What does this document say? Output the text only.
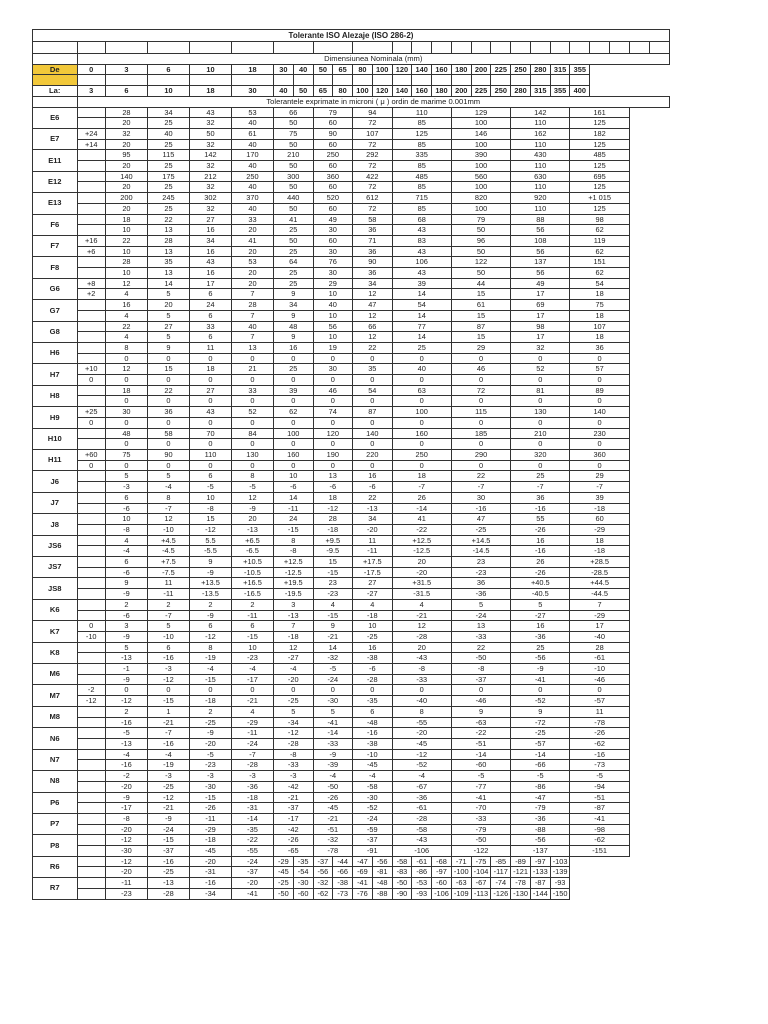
Tolerante ISO Alezaje (ISO 286-2)																									

	Dimensiunea Nominala (mm)																								
De	0	3	6	10	18	30	40	50	65	80	100	120	140	160	180	200	225	250	280	315	355				

La:	3	6	10	18	30	40	50	65	80	100	120	140	160	180	200	225	250	280	315	355	400				
	Tolerantele exprimate in microni ( μ ) ordin de marime 0.001mm																								
E6		28	34	43	53	66		79		94		110			129			142			161				
		20	25	32	40	50		60		72		85			100			110			125				
E7	+24	32	40	50	61	75		90		107		125			146			162			182				
	+14	20	25	32	40	50		60		72		85			100			110			125				
E11		95	115	142	170	210		250		292		335			390			430			485				
		20	25	32	40	50		60		72		85			100			110			125				
E12		140	175	212	250	300		360		422		485			560			630			695				
		20	25	32	40	50		60		72		85			100			110			125				
E13		200	245	302	370	440		520		612		715			820			920			+1 015				
		20	25	32	40	50		60		72		85			100			110			125				
F6		18	22	27	33	41		49		58		68			79			88			98				
		10	13	16	20	25		30		36		43			50			56			62				
F7	+16	22	28	34	41	50		60		71		83			96			108			119				
	+6	10	13	16	20	25		30		36		43			50			56			62				
F8		28	35	43	53	64		76		90		106			122			137			151				
		10	13	16	20	25		30		36		43			50			56			62				
G6	+8	12	14	17	20	25		29		34		39			44			49			54				
	+2	4	5	6	7	9		10		12		14			15			17			18				
G7		16	20	24	28	34		40		47		54			61			69			75				
		4	5	6	7	9		10		12		14			15			17			18				
G8		22	27	33	40	48		56		66		77			87			98			107				
		4	5	6	7	9		10		12		14			15			17			18				
H6		8	9	11	13	16		19		22		25			29			32			36				
		0	0	0	0	0		0		0		0			0			0			0				
H7	+10	12	15	18	21	25		30		35		40			46			52			57				
	0	0	0	0	0	0		0		0		0			0			0			0				
H8		18	22	27	33	39		46		54		63			72			81			89				
		0	0	0	0	0		0		0		0			0			0			0				
H9	+25	30	36	43	52	62		74		87		100			115			130			140				
	0	0	0	0	0	0		0		0		0			0			0			0				
H10		48	58	70	84	100		120		140		160			185			210			230				
		0	0	0	0	0		0		0		0			0			0			0				
H11	+60	75	90	110	130	160		190		220		250			290			320			360				
	0	0	0	0	0	0		0		0		0			0			0			0				
J6		5	5	6	8	10		13		16		18			22			25			29				
		-3	-4	-5	-5	-6		-6		-6		-7			-7			-7			-7				
J7		6	8	10	12	14		18		22		26			30			36			39				
		-6	-7	-8	-9	-11		-12		-13		-14			-16			-16			-18				
J8		10	12	15	20	24		28		34		41			47			55			60				
		-8	-10	-12	-13	-15		-18		-20		-22			-25			-26			-29				
JS6		4	+4.5	5.5	+6.5	8		+9.5		11		+12.5			+14.5			16			18				
		-4	-4.5	-5.5	-6.5	-8		-9.5		-11		-12.5			-14.5			-16			-18				
JS7		6	+7.5	9	+10.5	+12.5		15		+17.5		20			23			26			+28.5				
		-6	-7.5	-9	-10.5	-12.5		-15		-17.5		-20			-23			-26			-28.5				
JS8		9	11	+13.5	+16.5	+19.5		23		27		+31.5			36			+40.5			+44.5				
		-9	-11	-13.5	-16.5	-19.5		-23		-27		-31.5			-36			-40.5			-44.5				
K6		2	2	2	2	3		4		4		4			5			5			7				
		-6	-7	-9	-11	-13		-15		-18		-21			-24			-27			-29				
K7	0	3	5	6	6	7		9		10		12			13			16			17				
	-10	-9	-10	-12	-15	-18		-21		-25		-28			-33			-36			-40				
K8		5	6	8	10	12		14		16		20			22			25			28				
		-13	-16	-19	-23	-27		-32		-38		-43			-50			-56			-61				
M6		-1	-3	-4	-4	-4		-5		-6		-8			-8			-9			-10				
		-9	-12	-15	-17	-20		-24		-28		-33			-37			-41			-46				
M7	-2	0	0	0	0	0		0		0		0			0			0			0				
	-12	-12	-15	-18	-21	-25		-30		-35		-40			-46			-52			-57				
M8		2	1	2	4	5		5		6		8			9			9			11				
		-16	-21	-25	-29	-34		-41		-48		-55			-63			-72			-78				
N6		-5	-7	-9	-11	-12		-14		-16		-20			-22			-25			-26				
		-13	-16	-20	-24	-28		-33		-38		-45			-51			-57			-62				
N7		-4	-4	-5	-7	-8		-9		-10		-12			-14			-14			-16				
		-16	-19	-23	-28	-33		-39		-45		-52			-60			-66			-73				
N8		-2	-3	-3	-3	-3		-4		-4		-4			-5			-5			-5				
		-20	-25	-30	-36	-42		-50		-58		-67			-77			-86			-94				
P6		-9	-12	-15	-18	-21		-26		-30		-36			-41			-47			-51				
		-17	-21	-26	-31	-37		-45		-52		-61			-70			-79			-87				
P7		-8	-9	-11	-14	-17		-21		-24		-28			-33			-36			-41				
		-20	-24	-29	-35	-42		-51		-59		-58			-79			-88			-98				
P8		-12	-15	-18	-22	-26		-32		-37		-43			-50			-56			-62				
		-30	-37	-45	-55	-65		-78		-91		-106			-122			-137			-151				
R6		-12	-16	-20	-24	-29	-35	-37	-44	-47	-56	-58	-61	-68	-71	-75	-85	-89	-97	-103					
		-20	-25	-31	-37	-45	-54	-56	-66	-69	-81	-83	-86	-97	-100	-104	-117	-121	-133	-139					
R7		-11	-13	-16	-20	-25	-30	-32	-38	-41	-48	-50	-53	-60	-63	-67	-74	-78	-87	-93					
		-23	-28	-34	-41	-50	-60	-62	-73	-76	-88	-90	-93	-106	-109	-113	-126	-130	-144	-150					
